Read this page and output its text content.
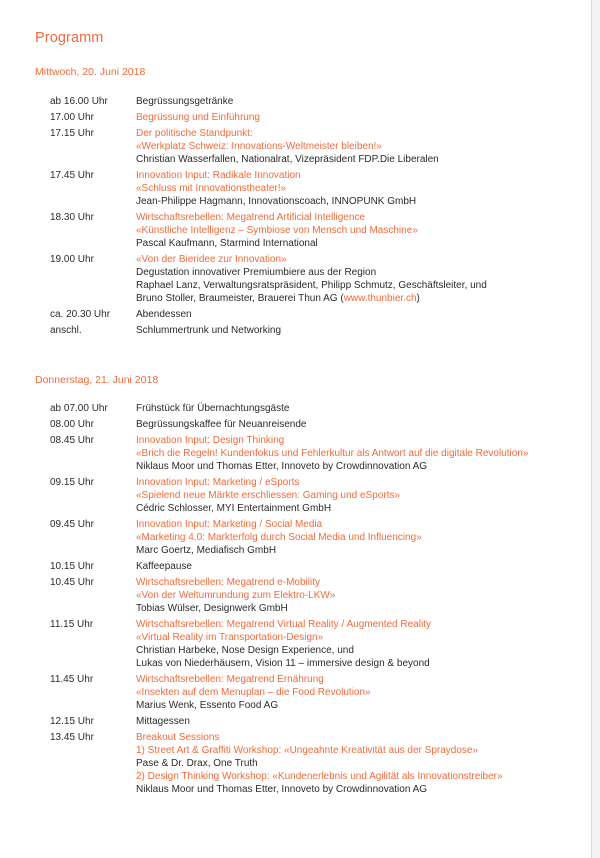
Programm
Mittwoch, 20. Juni 2018
ab 16.00 Uhr	Begrüssungsgetränke
17.00 Uhr	Begrüssung und Einführung
17.15 Uhr	Der politische Standpunkt:
«Werkplatz Schweiz: Innovations-Weltmeister bleiben!»
Christian Wasserfallen, Nationalrat, Vizepräsident FDP.Die Liberalen
17.45 Uhr	Innovation Input: Radikale Innovation
«Schluss mit Innovationstheater!»
Jean-Philippe Hagmann, Innovationscoach, INNOPUNK GmbH
18.30 Uhr	Wirtschaftsrebellen: Megatrend Artificial Intelligence
«Künstliche Intelligenz – Symbiose von Mensch und Maschine»
Pascal Kaufmann, Starmind International
19.00 Uhr	«Von der Bieridee zur Innovation»
Degustation innovativer Premiumbiere aus der Region
Raphael Lanz, Verwaltungsratspräsident, Philipp Schmutz, Geschäftsleiter, und
Bruno Stoller, Braumeister, Brauerei Thun AG (www.thunbier.ch)
ca. 20.30 Uhr	Abendessen
anschl.	Schlummertrunk und Networking
Donnerstag, 21. Juni 2018
ab 07.00 Uhr	Frühstück für Übernachtungsgäste
08.00 Uhr	Begrüssungskaffee für Neuanreisende
08.45 Uhr	Innovation Input: Design Thinking
«Brich die Regeln! Kundenfokus und Fehlerkultur als Antwort auf die digitale Revolution»
Niklaus Moor und Thomas Etter, Innoveto by Crowdinnovation AG
09.15 Uhr	Innovation Input: Marketing / eSports
«Spielend neue Märkte erschliessen: Gaming und eSports»
Cédric Schlosser, MYI Entertainment GmbH
09.45 Uhr	Innovation Input: Marketing / Social Media
«Marketing 4.0: Markterfolg durch Social Media und Influencing»
Marc Goertz, Mediafisch GmbH
10.15 Uhr	Kaffeepause
10.45 Uhr	Wirtschaftsrebellen: Megatrend e-Mobility
«Von der Weltumrundung zum Elektro-LKW»
Tobias Wülser, Designwerk GmbH
11.15 Uhr	Wirtschaftsrebellen: Megatrend Virtual Reality / Augmented Reality
«Virtual Reality im Transportation-Design»
Christian Harbeke, Nose Design Experience, und
Lukas von Niederhäusern, Vision 11 – immersive design & beyond
11.45 Uhr	Wirtschaftsrebellen: Megatrend Ernährung
«Insekten auf dem Menuplan – die Food Revolution»
Marius Wenk, Essento Food AG
12.15 Uhr	Mittagessen
13.45 Uhr	Breakout Sessions
1) Street Art & Graffiti Workshop: «Ungeahnte Kreativität aus der Spraydose»
Pase & Dr. Drax, One Truth
2) Design Thinking Workshop: «Kundenerlebnis und Agilität als Innovationstreiber»
Niklaus Moor und Thomas Etter, Innoveto by Crowdinnovation AG
